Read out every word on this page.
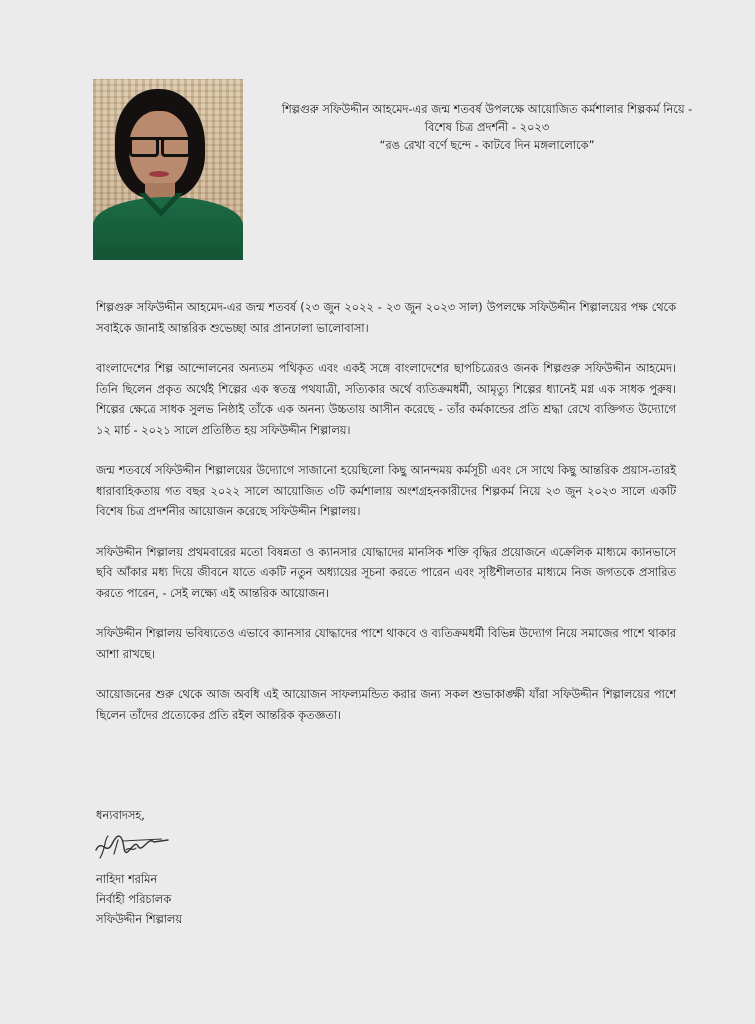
শিল্পগুরু সফিউদ্দীন আহমেদ-এর জন্ম শতবর্ষ উপলক্ষে আয়োজিত কর্মশালার শিল্পকর্ম নিয়ে -
বিশেষ চিত্র প্রদর্শনী - ২০২৩
“রঙ রেখা বর্ণে ছন্দে - কাটবে দিন মঙ্গলালোকে”

শিল্পগুরু সফিউদ্দীন আহমেদ-এর জন্ম শতবর্ষ (২৩ জুন ২০২২ - ২৩ জুন ২০২৩ সাল) উপলক্ষে সফিউদ্দীন শিল্পালয়ের পক্ষ থেকে সবাইকে জানাই আন্তরিক শুভেচ্ছা আর প্রানঢালা ভালোবাসা।

বাংলাদেশের শিল্প আন্দোলনের অন্যতম পথিকৃত এবং একই সঙ্গে বাংলাদেশের ছাপচিত্রেরও জনক শিল্পগুরু সফিউদ্দীন আহমেদ। তিনি ছিলেন প্রকৃত অর্থেই শিল্পের এক স্বতন্ত্র পথযাত্রী, সত্যিকার অর্থে ব্যতিক্রমধর্মী, আমৃত্যু শিল্পের ধ্যানেই মগ্ন এক সাধক পুরুষ। শিল্পের ক্ষেত্রে সাধক সুলভ নিষ্ঠাই তাঁকে এক অনন্য উচ্চতায় আসীন করেছে - তাঁর কর্মকান্ডের প্রতি শ্রদ্ধা রেখে ব্যক্তিগত উদ্যোগে ১২ মার্চ - ২০২১ সালে প্রতিষ্ঠিত হয় সফিউদ্দীন শিল্পালয়।

জন্ম শতবর্ষে সফিউদ্দীন শিল্পালয়ের উদ্যোগে সাজানো হয়েছিলো কিছু আনন্দময় কর্মসূচী এবং সে সাথে কিছু আন্তরিক প্রয়াস-তারই ধারাবাহিকতায় গত বছর ২০২২ সালে আয়োজিত ৩টি কর্মশালায় অংশগ্রহনকারীদের শিল্পকর্ম নিয়ে ২৩ জুন ২০২৩ সালে একটি বিশেষ চিত্র প্রদর্শনীর আয়োজন করেছে সফিউদ্দীন শিল্পালয়।

সফিউদ্দীন শিল্পালয় প্রথমবারের মতো বিষন্নতা ও ক্যানসার যোদ্ধাদের মানসিক শক্তি বৃদ্ধির প্রয়োজনে এক্রেলিক মাধ্যমে ক্যানভাসে ছবি আঁকার মধ্য দিয়ে জীবনে যাতে একটি নতুন অধ্যায়ের সূচনা করতে পারেন এবং সৃষ্টিশীলতার মাধ্যমে নিজ জগতকে প্রসারিত করতে পারেন, - সেই লক্ষ্যে এই আন্তরিক আয়োজন।

সফিউদ্দীন শিল্পালয় ভবিষ্যতেও এভাবে ক্যানসার যোদ্ধাদের পাশে থাকবে ও ব্যতিক্রমধর্মী বিভিন্ন উদ্যোগ নিয়ে সমাজের পাশে থাকার আশা রাখছে।

আয়োজনের শুরু থেকে আজ অবধি এই আয়োজন সাফল্যমন্ডিত করার জন্য সকল শুভাকাঙ্ক্ষী যাঁরা সফিউদ্দীন শিল্পালয়ের পাশে ছিলেন তাঁদের প্রত্যেকের প্রতি রইল আন্তরিক কৃতজ্ঞতা।

ধন্যবাদসহ,
নাহিদা শরমিন
নির্বাহী পরিচালক
সফিউদ্দীন শিল্পালয়
